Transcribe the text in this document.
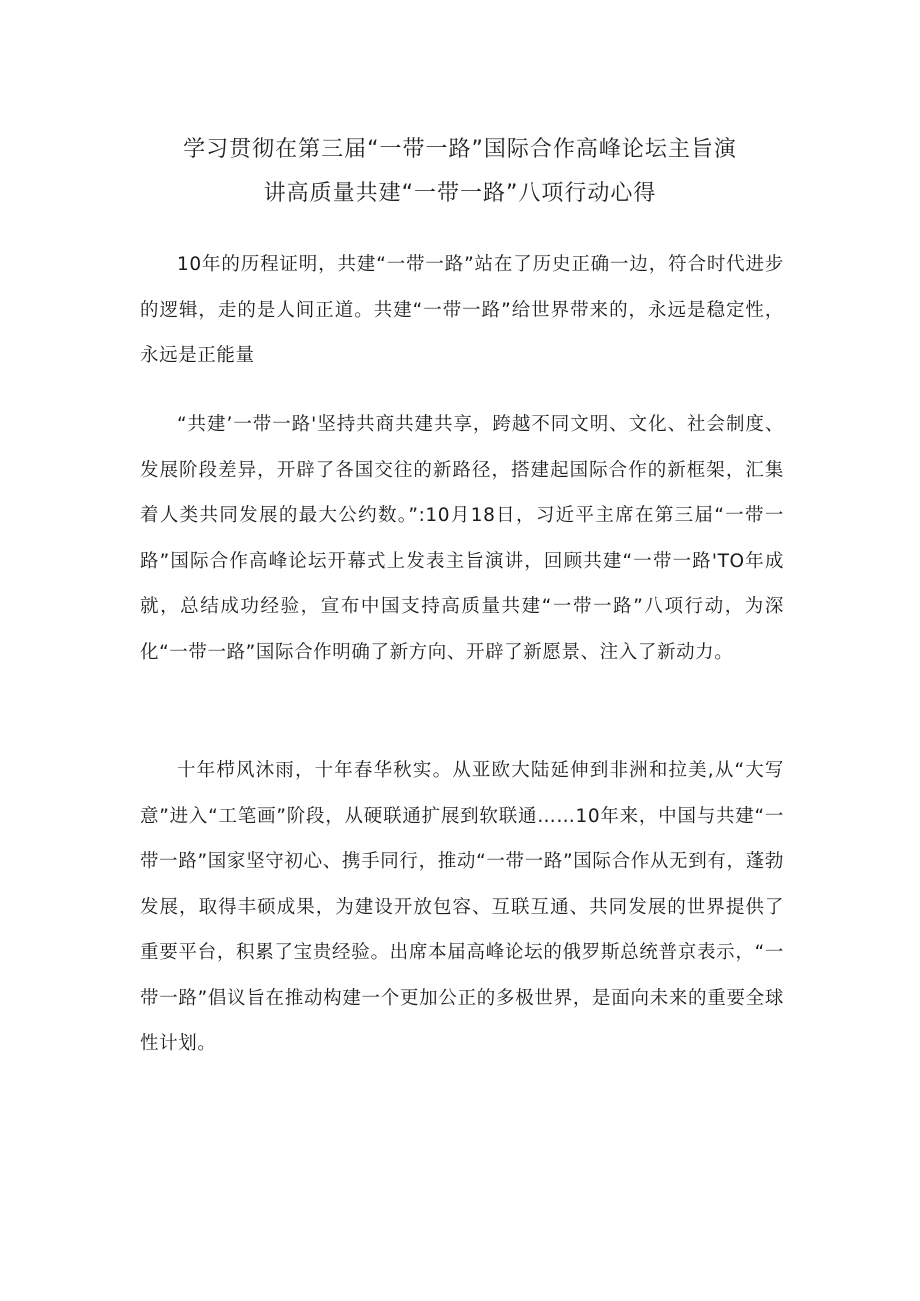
学习贯彻在第三届“一带一路”国际合作高峰论坛主旨演
讲高质量共建“一带一路”八项行动心得

10年的历程证明，共建“一带一路”站在了历史正确一边，符合时代进步的逻辑，走的是人间正道。共建“一带一路”给世界带来的，永远是稳定性，永远是正能量

“共建’一带一路'坚持共商共建共享，跨越不同文明、文化、社会制度、发展阶段差异，开辟了各国交往的新路径，搭建起国际合作的新框架，汇集着人类共同发展的最大公约数。”:10月18日，习近平主席在第三届“一带一路”国际合作高峰论坛开幕式上发表主旨演讲，回顾共建“一带一路'TO年成就，总结成功经验，宣布中国支持高质量共建“一带一路”八项行动，为深化“一带一路”国际合作明确了新方向、开辟了新愿景、注入了新动力。

十年栉风沐雨，十年春华秋实。从亚欧大陆延伸到非洲和拉美,从“大写意”进入“工笔画”阶段，从硬联通扩展到软联通……10年来，中国与共建“一带一路”国家坚守初心、携手同行，推动“一带一路”国际合作从无到有，蓬勃发展，取得丰硕成果，为建设开放包容、互联互通、共同发展的世界提供了重要平台，积累了宝贵经验。出席本届高峰论坛的俄罗斯总统普京表示，“一带一路”倡议旨在推动构建一个更加公正的多极世界，是面向未来的重要全球性计划。
